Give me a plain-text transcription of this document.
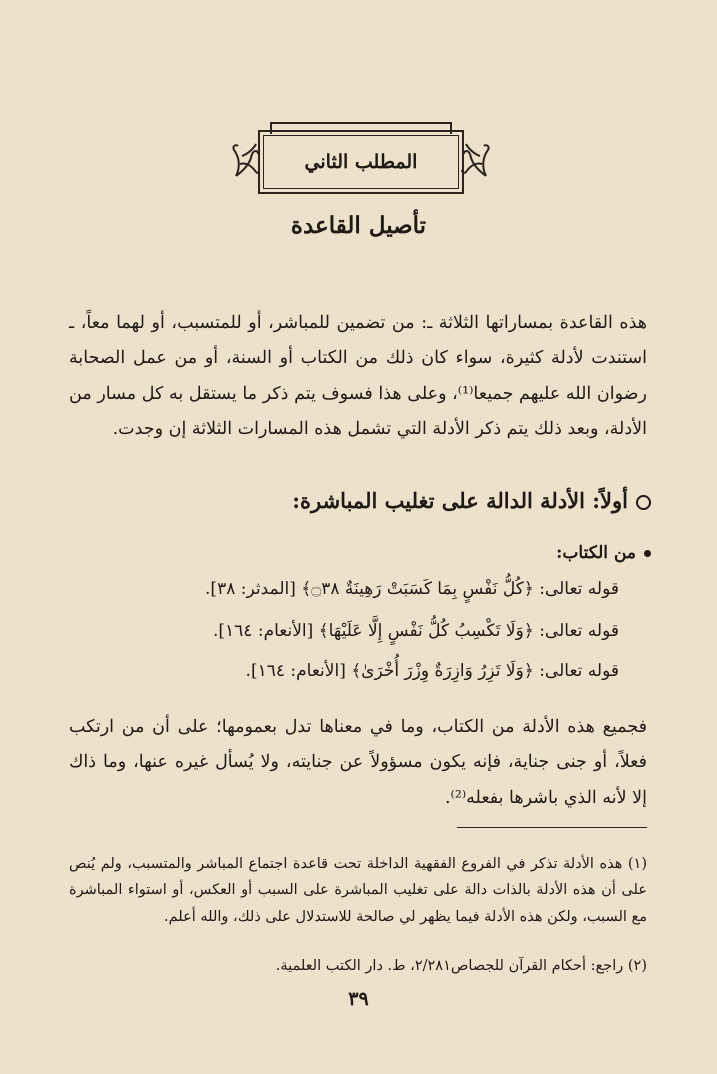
المطلب الثاني
تأصيل القاعدة

هذه القاعدة بمساراتها الثلاثة ـ: من تضمين للمباشر، أو للمتسبب، أو لهما معاً، ـ استندت لأدلة كثيرة، سواء كان ذلك من الكتاب أو السنة، أو من عمل الصحابة رضوان الله عليهم جميعا⁽¹⁾، وعلى هذا فسوف يتم ذكر ما يستقل به كل مسار من الأدلة، وبعد ذلك يتم ذكر الأدلة التي تشمل هذه المسارات الثلاثة إن وجدت.

أولاً: الأدلة الدالة على تغليب المباشرة:
من الكتاب:
قوله تعالى: ﴿كُلُّ نَفْسٍ بِمَا كَسَبَتْ رَهِينَةٌ ۝٣٨﴾ [المدثر: ٣٨].
قوله تعالى: ﴿وَلَا تَكْسِبُ كُلُّ نَفْسٍ إِلَّا عَلَيْهَا﴾ [الأنعام: ١٦٤].
قوله تعالى: ﴿وَلَا تَزِرُ وَازِرَةٌ وِزْرَ أُخْرَىٰ﴾ [الأنعام: ١٦٤].

فجميع هذه الأدلة من الكتاب، وما في معناها تدل بعمومها؛ على أن من ارتكب فعلاً، أو جنى جناية، فإنه يكون مسؤولاً عن جنايته، ولا يُسأل غيره عنها، وما ذاك إلا لأنه الذي باشرها بفعله⁽²⁾.

(١) هذه الأدلة تذكر في الفروع الفقهية الداخلة تحت قاعدة اجتماع المباشر والمتسبب، ولم يُنص على أن هذه الأدلة بالذات دالة على تغليب المباشرة على السبب أو العكس، أو استواء المباشرة مع السبب، ولكن هذه الأدلة فيما يظهر لي صالحة للاستدلال على ذلك، والله أعلم.

(٢) راجع: أحكام القرآن للجصاص٢/٢٨١، ط. دار الكتب العلمية.

٣٩
